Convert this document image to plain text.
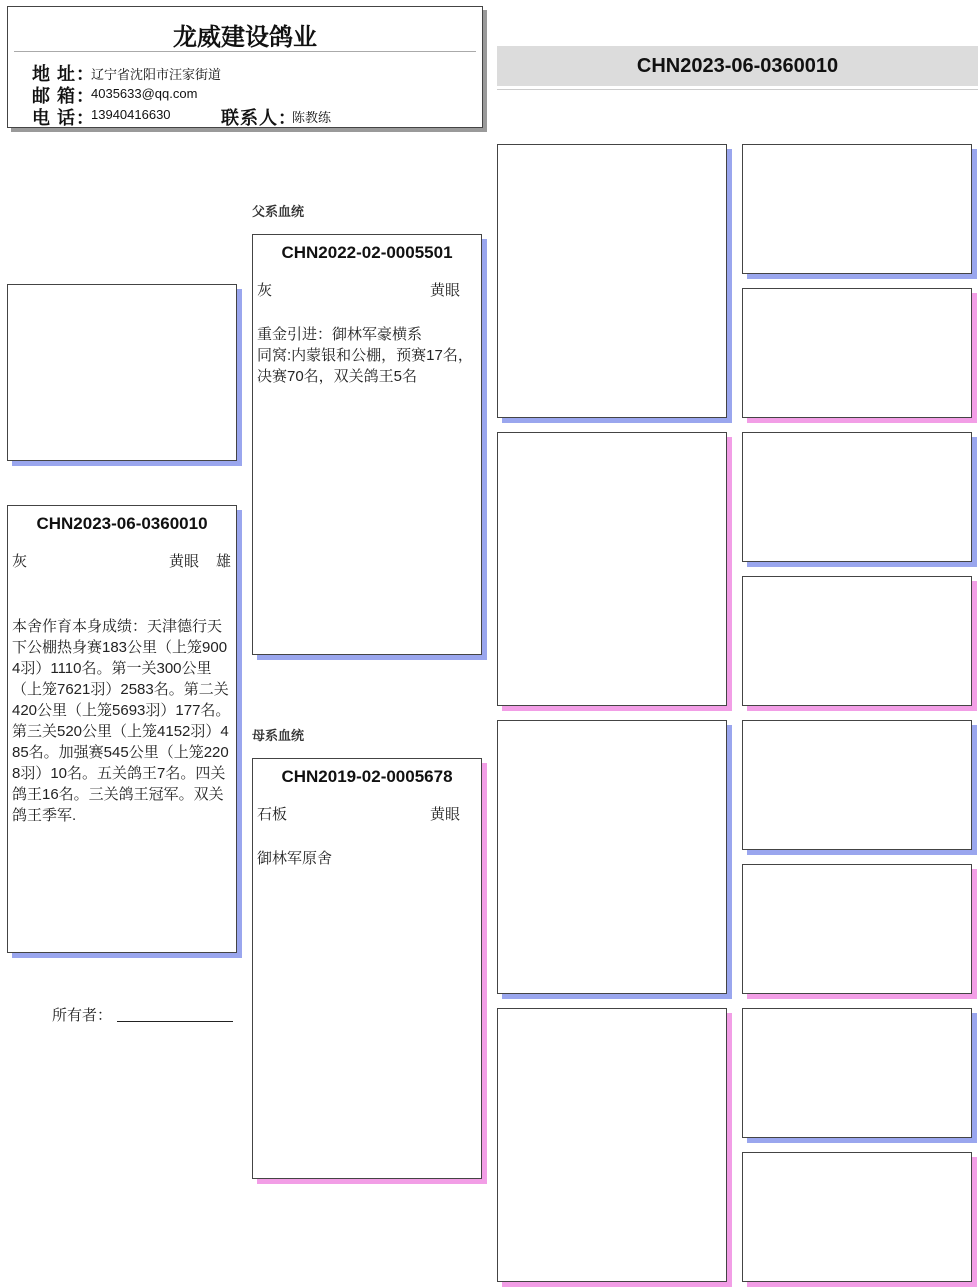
龙威建设鸽业
地 址：
辽宁省沈阳市汪家街道
邮 箱：
4035633@qq.com
电 话：
13940416630	联系人：
陈教练
CHN2023-06-0360010
CHN2023-06-0360010
灰	黄眼 雄
本舍作育本身成绩：天津德行天下公棚热身赛183公里（上笼9004羽）1110名。第一关300公里（上笼7621羽）2583名。第二关420公里（上笼5693羽）177名。第三关520公里（上笼4152羽）485名。加强赛545公里（上笼2208羽）10名。五关鸽王7名。四关鸽王16名。三关鸽王冠军。双关鸽王季军.
所有者：
父系血统
CHN2022-02-0005501
灰	黄眼
重金引进：御林军豪横系
同窝:内蒙银和公棚，预赛17名，决赛70名，双关鸽王5名
母系血统
CHN2019-02-0005678
石板	黄眼
御林军原舍
